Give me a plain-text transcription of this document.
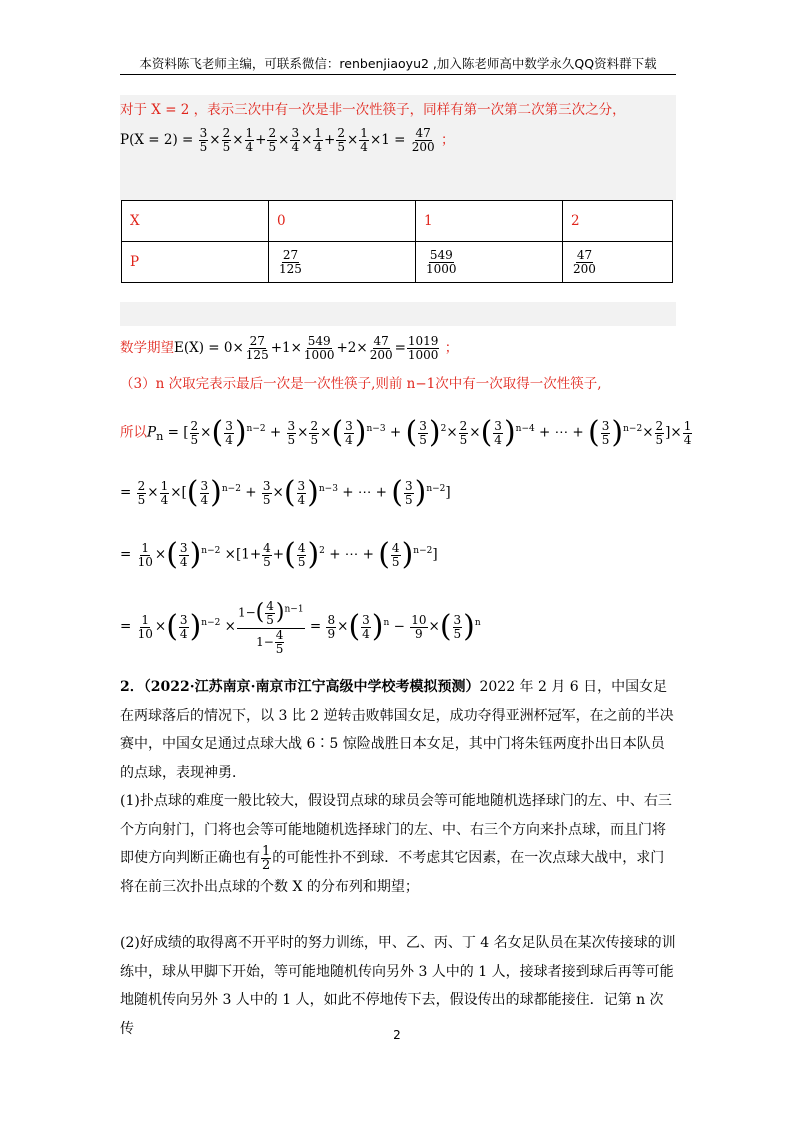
本资料陈飞老师主编，可联系微信：renbenjiaoyu2 ,加入陈老师高中数学永久QQ资料群下载
对于 X = 2 ，表示三次中有一次是非一次性筷子，同样有第一次第二次第三次之分，
$P(X = 2) = \frac{3}{5} \times \frac{2}{5} \times \frac{1}{4} + \frac{2}{5} \times \frac{3}{4} \times \frac{1}{4} + \frac{2}{5} \times \frac{1}{4} \times 1 = \frac{47}{200}$ ；
X	0	1	2
P	$\frac{27}{125}$	$\frac{549}{1000}$	$\frac{47}{200}$
数学期望$E(X) = 0\times \frac{27}{125} +1\times \frac{549}{1000} +2\times \frac{47}{200} = \frac{1019}{1000}$ ；
（3）n 次取完表示最后一次是一次性筷子,则前 n−1次中有一次取得一次性筷子,
所以$P_n$ = [ $\frac{2}{5}$ ×( $\frac{3}{4} )^{n-2} + \frac{3}{5} \times \frac{2}{5}$ ×( $\frac{3}{4} )^{n-3}$ + ( $\frac{3}{5} )^2\times \frac{2}{5}$ ×( $\frac{3}{4} )^{n-4}$ + ⋯ + ( $\frac{3}{5} )^{n-2}\times \frac{2}{5}$ ]× $\frac{1}{4}$
= $\frac{2}{5} \times \frac{1}{4}$ ×[( $\frac{3}{4} )^{n-2} + \frac{3}{5}$ ×( $\frac{3}{4} )^{n-3}$ + ⋯ + ( $\frac{3}{5} )^{n-2}$]
= $\frac{1}{10}$ ×( $\frac{3}{4} )^{n-2} \times[1+ \frac{4}{5}$ +( $\frac{4}{5} )^2$ + ⋯ + ( $\frac{4}{5} )^{n-2}$]
= $\frac{1}{10}$ ×( $\frac{3}{4} )^{n-2} \times \frac{1-( \frac{4}{5} )^{n-1}}{1- \frac{4}{5}} = \frac{8}{9}$ ×( $\frac{3}{4} )^n - \frac{10}{9}$ ×( $\frac{3}{5} )^n$
2．（2022·江苏南京·南京市江宁高级中学校考模拟预测）2022 年 2 月 6 日，中国女足在两球落后的情况下，以 3 比 2 逆转击败韩国女足，成功夺得亚洲杯冠军，在之前的半决赛中，中国女足通过点球大战 6∶5 惊险战胜日本女足，其中门将朱钰两度扑出日本队员的点球，表现神勇．
(1)扑点球的难度一般比较大，假设罚点球的球员会等可能地随机选择球门的左、中、右三个方向射门，门将也会等可能地随机选择球门的左、中、右三个方向来扑点球，而且门将即使方向判断正确也有 $\frac{1}{2}$ 的可能性扑不到球．不考虑其它因素，在一次点球大战中，求门将在前三次扑出点球的个数 X 的分布列和期望；
(2)好成绩的取得离不开平时的努力训练，甲、乙、丙、丁 4 名女足队员在某次传接球的训练中，球从甲脚下开始，等可能地随机传向另外 3 人中的 1 人，接球者接到球后再等可能地随机传向另外 3 人中的 1 人，如此不停地传下去，假设传出的球都能接住．记第 n 次传	2
